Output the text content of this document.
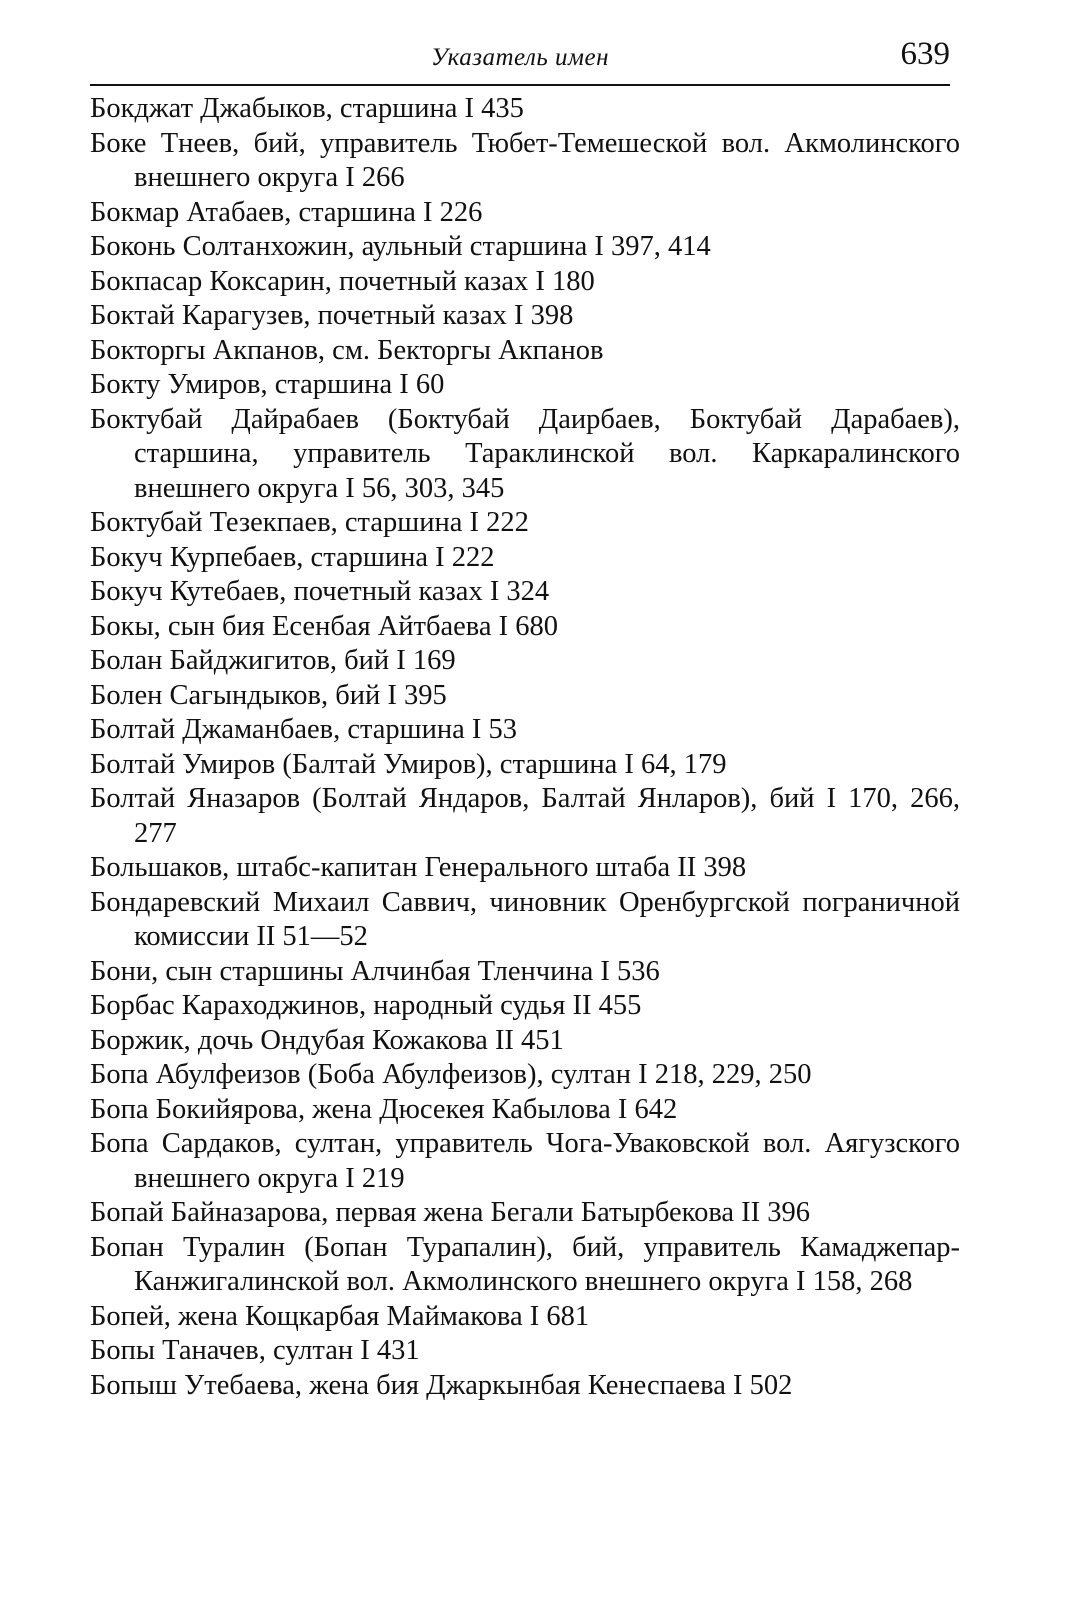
Указатель имен	639
Бокджат Джабыков, старшина I 435
Боке Тнеев, бий, управитель Тюбет-Темешеской вол. Акмолинского внешнего округа I 266
Бокмар Атабаев, старшина I 226
Боконь Солтанхожин, аульный старшина I 397, 414
Бокпасар Коксарин, почетный казах I 180
Боктай Карагузев, почетный казах I 398
Бокторгы Акпанов, см. Бекторгы Акпанов
Бокту Умиров, старшина I 60
Боктубай Дайрабаев (Боктубай Даирбаев, Боктубай Дарабаев), старшина, управитель Тараклинской вол. Каркаралинского внешнего округа I 56, 303, 345
Боктубай Тезекпаев, старшина I 222
Бокуч Курпебаев, старшина I 222
Бокуч Кутебаев, почетный казах I 324
Бокы, сын бия Есенбая Айтбаева I 680
Болан Байджигитов, бий I 169
Болен Сагындыков, бий I 395
Болтай Джаманбаев, старшина I 53
Болтай Умиров (Балтай Умиров), старшина I 64, 179
Болтай Яназаров (Болтай Яндаров, Балтай Янларов), бий I 170, 266, 277
Большаков, штабс-капитан Генерального штаба II 398
Бондаревский Михаил Саввич, чиновник Оренбургской пограничной комиссии II 51—52
Бони, сын старшины Алчинбая Тленчина I 536
Борбас Караходжинов, народный судья II 455
Боржик, дочь Ондубая Кожакова II 451
Бопа Абулфеизов (Боба Абулфеизов), султан I 218, 229, 250
Бопа Бокийярова, жена Дюсекея Кабылова I 642
Бопа Сардаков, султан, управитель Чога-Уваковской вол. Аягузского внешнего округа I 219
Бопай Байназарова, первая жена Бегали Батырбекова II 396
Бопан Туралин (Бопан Турапалин), бий, управитель Камаджепар-Канжигалинской вол. Акмолинского внешнего округа I 158, 268
Бопей, жена Кощкарбая Маймакова I 681
Бопы Таначев, султан I 431
Бопыш Утебаева, жена бия Джаркынбая Кенеспаева I 502
